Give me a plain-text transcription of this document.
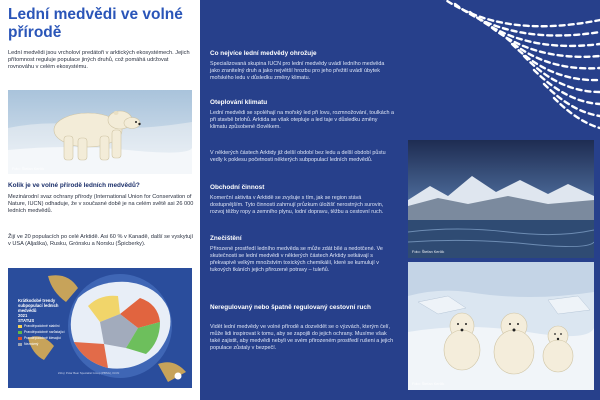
Lední medvědi ve volné přírodě

Lední medvědi jsou vrcholoví predátoři v arktických ekosystémech. Jejich přítomnost reguluje populace jiných druhů, což pomáhá udržovat rovnováhu v celém ekosystému.

Foto: Štefan Kerčik
Kolik je ve volné přírodě ledních medvědů?

Mezinárodní svaz ochrany přírody (International Union for Conservation of Nature, IUCN) odhaduje, že v současné době je na celém světě asi 26 000 ledních medvědů.

Žijí ve 20 populacích po celé Arktidě. Asi 60 % v Kanadě, další se vyskytují v USA (Aljaška), Rusku, Grónsku a Norsku (Špicberky).

Krátkodobé trendy subpopulací ledních medvědů
2021
STATUS
Pravděpodobně stabilní
Pravděpodobně narůstající
Pravděpodobně klesající
Neznámý
Zdroj: Polar Bear Specialist Group (PBSG), IUCN
Co nejvíce lední medvědy ohrožuje

Specializovaná skupina IUCN pro lední medvědy uvádí ledního medvěda jako zranitelný druh a jako největší hrozbu pro jeho přežití uvádí úbytek mořského ledu v důsledku změny klimatu.

Oteplování klimatu

Lední medvědi se spoléhají na mořský led při lovu, rozmnožování, toulkách a při stavbě brlohů. Arktida se však otepluje a led taje v důsledku změny klimatu způsobené člověkem.

V některých částech Arktidy již delší období bez ledu a delší období půstu vedly k poklesu početnosti některých subpopulací ledních medvědů.

Obchodní činnost

Komerční aktivita v Arktidě se zvyšuje s tím, jak se region stává dostupnějším. Tyto činnosti zahrnují průzkum úložišť nerostných surovin, rozvoj těžby ropy a zemního plynu, lodní dopravu, těžbu a cestovní ruch.

Znečištění

Přirozené prostředí ledního medvěda se může zdát bílé a nedotčené. Ve skutečnosti se lední medvědi v některých částech Arktidy setkávají s překvapivě velkým množstvím toxických chemikálií, které se kumulují v tukových tkáních jejich přirozené potravy – tuleňů.

Neregulovaný nebo špatně regulovaný cestovní ruch

Vidět lední medvědy ve volné přírodě a dozvědět se o výzvách, kterým čelí, může lidi inspirovat k tomu, aby se zapojili do jejich ochrany. Musíme však také zajistit, aby medvědi nebyli ve svém přirozeném prostředí rušeni a jejich populace zůstaly v bezpečí.

Foto: Štefan Kerčik
Foto: Štefan Kerčik
